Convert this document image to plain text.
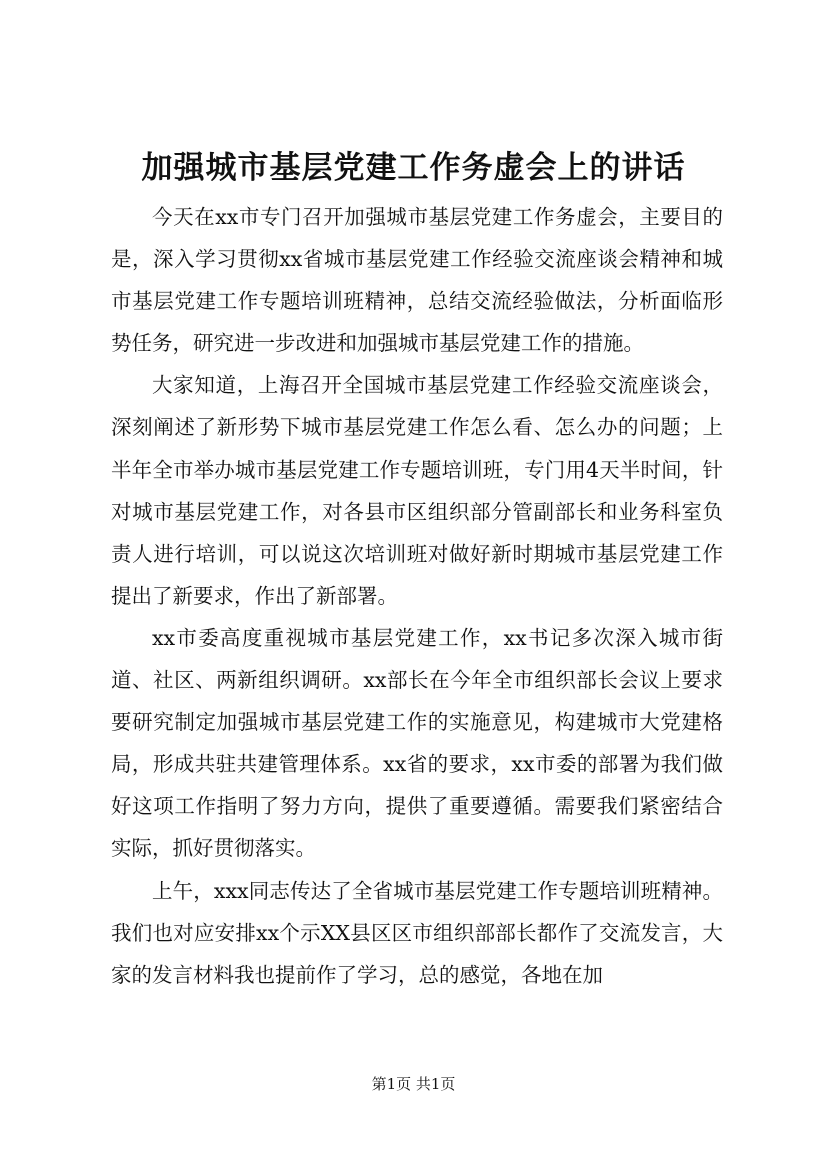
加强城市基层党建工作务虚会上的讲话

今天在xx市专门召开加强城市基层党建工作务虚会，主要目的是，深入学习贯彻xx省城市基层党建工作经验交流座谈会精神和城市基层党建工作专题培训班精神，总结交流经验做法，分析面临形势任务，研究进一步改进和加强城市基层党建工作的措施。

大家知道，上海召开全国城市基层党建工作经验交流座谈会，深刻阐述了新形势下城市基层党建工作怎么看、怎么办的问题；上半年全市举办城市基层党建工作专题培训班，专门用4天半时间，针对城市基层党建工作，对各县市区组织部分管副部长和业务科室负责人进行培训，可以说这次培训班对做好新时期城市基层党建工作提出了新要求，作出了新部署。

xx市委高度重视城市基层党建工作，xx书记多次深入城市街道、社区、两新组织调研。xx部长在今年全市组织部长会议上要求要研究制定加强城市基层党建工作的实施意见，构建城市大党建格局，形成共驻共建管理体系。xx省的要求，xx市委的部署为我们做好这项工作指明了努力方向，提供了重要遵循。需要我们紧密结合实际，抓好贯彻落实。

上午，xxx同志传达了全省城市基层党建工作专题培训班精神。我们也对应安排xx个示XX县区区市组织部部长都作了交流发言，大家的发言材料我也提前作了学习，总的感觉，各地在加

第1页 共1页
